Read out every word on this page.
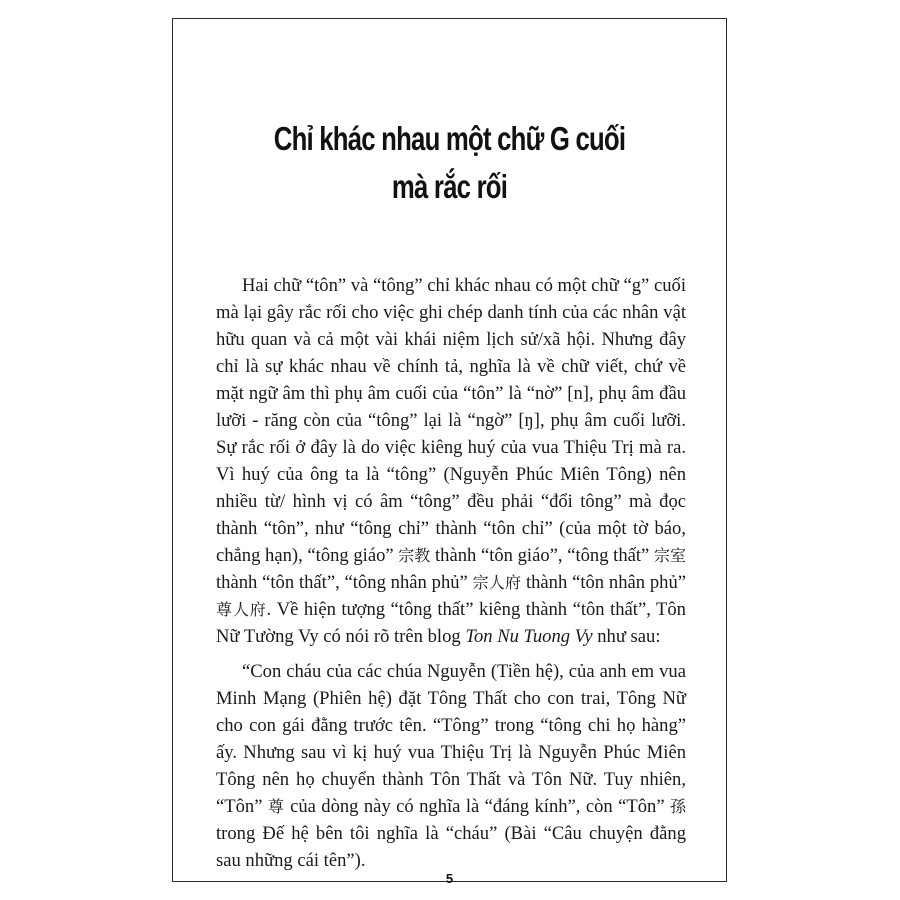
Chỉ khác nhau một chữ G cuối
mà rắc rối

Hai chữ “tôn” và “tông” chỉ khác nhau có một chữ “g” cuối mà lại gây rắc rối cho việc ghi chép danh tính của các nhân vật hữu quan và cả một vài khái niệm lịch sử/xã hội. Nhưng đây chỉ là sự khác nhau về chính tả, nghĩa là về chữ viết, chứ về mặt ngữ âm thì phụ âm cuối của “tôn” là “nờ” [n], phụ âm đầu lưỡi - răng còn của “tông” lại là “ngờ” [ŋ], phụ âm cuối lưỡi. Sự rắc rối ở đây là do việc kiêng huý của vua Thiệu Trị mà ra. Vì huý của ông ta là “tông” (Nguyễn Phúc Miên Tông) nên nhiều từ/ hình vị có âm “tông” đều phải “đổi tông” mà đọc thành “tôn”, như “tông chỉ” thành “tôn chỉ” (của một tờ báo, chẳng hạn), “tông giáo” 宗教 thành “tôn giáo”, “tông thất” 宗室 thành “tôn thất”, “tông nhân phủ” 宗人府 thành “tôn nhân phủ” 尊人府. Về hiện tượng “tông thất” kiêng thành “tôn thất”, Tôn Nữ Tường Vy có nói rõ trên blog Ton Nu Tuong Vy như sau:

“Con cháu của các chúa Nguyễn (Tiền hệ), của anh em vua Minh Mạng (Phiên hệ) đặt Tông Thất cho con trai, Tông Nữ cho con gái đằng trước tên. “Tông” trong “tông chi họ hàng” ấy. Nhưng sau vì kị huý vua Thiệu Trị là Nguyễn Phúc Miên Tông nên họ chuyển thành Tôn Thất và Tôn Nữ. Tuy nhiên, “Tôn” 尊 của dòng này có nghĩa là “đáng kính”, còn “Tôn” 孫 trong Đế hệ bên tôi nghĩa là “cháu” (Bài “Câu chuyện đằng sau những cái tên”).

5
